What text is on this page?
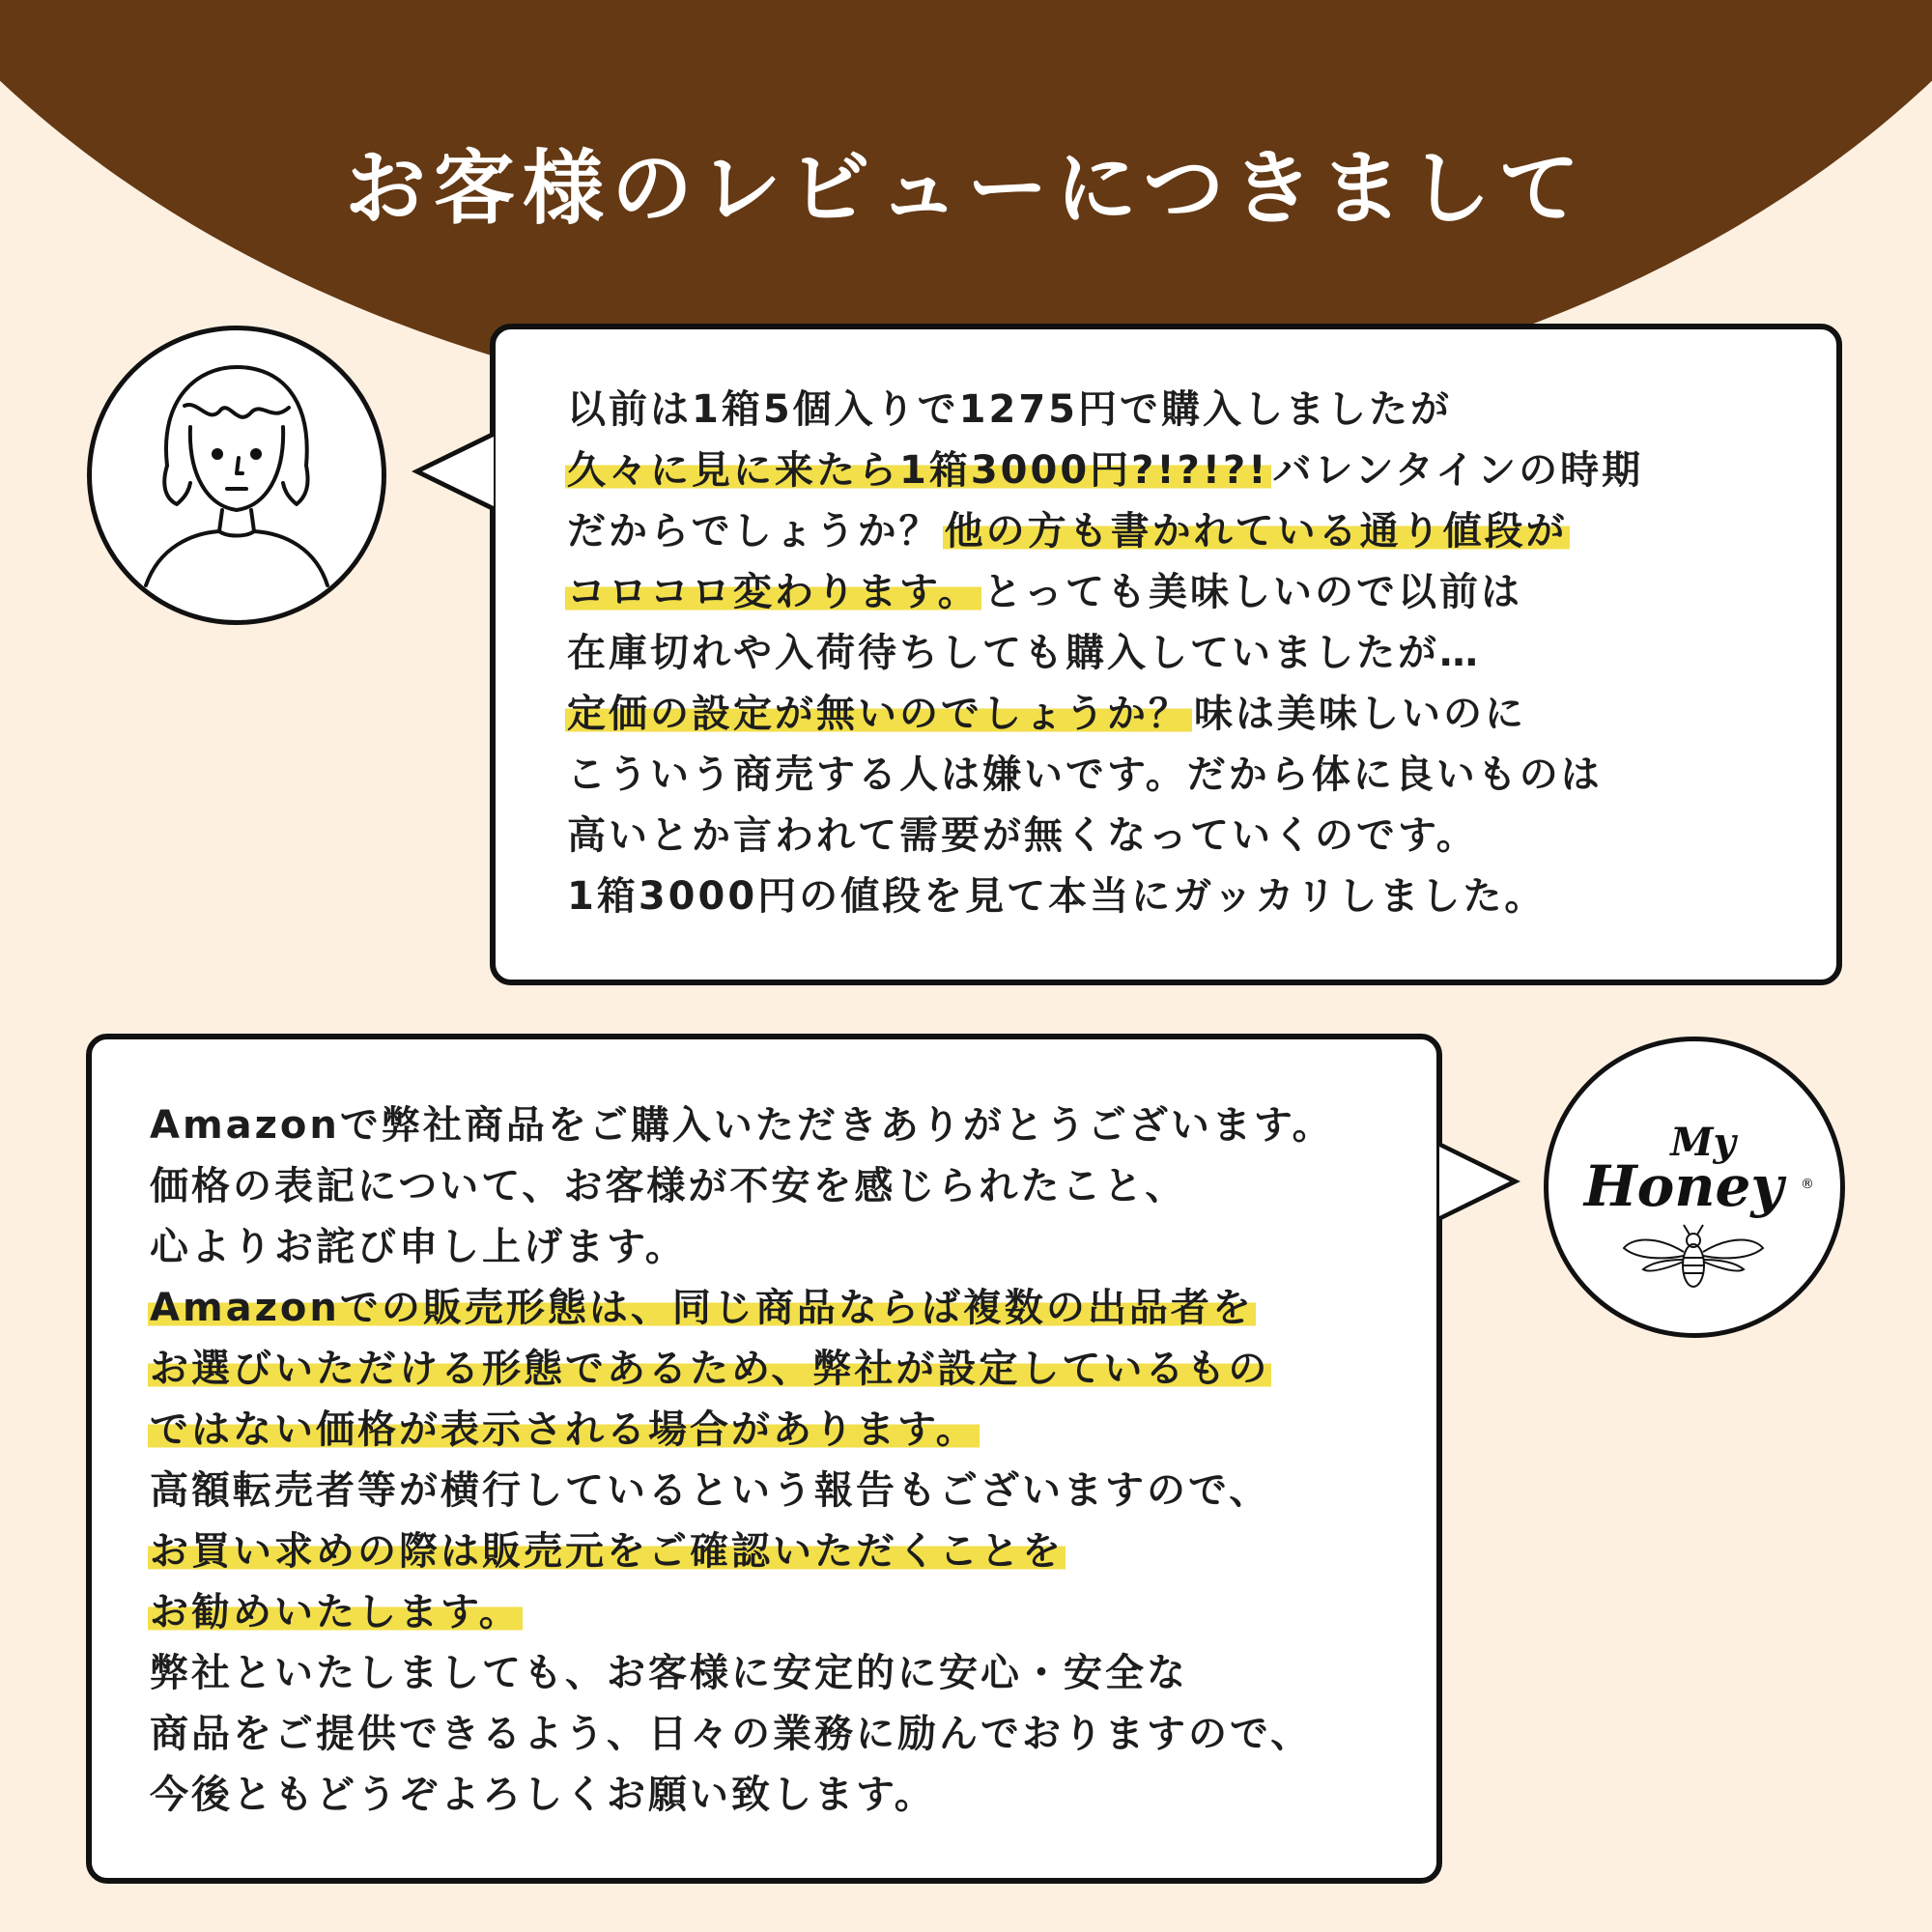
お客様のレビューにつきまして
以前は1箱5個入りで1275円で購入しましたが
久々に見に来たら1箱3000円?!?!?! バレンタインの時期
だからでしょうか？ 他の方も書かれている通り値段が
コロコロ変わります。 とっても美味しいので以前は
在庫切れや入荷待ちしても購入していましたが…
定価の設定が無いのでしょうか？ 味は美味しいのに
こういう商売する人は嫌いです。だから体に良いものは
高いとか言われて需要が無くなっていくのです。
1箱3000円の値段を見て本当にガッカリしました。
Amazonで弊社商品をご購入いただきありがとうございます。
価格の表記について、お客様が不安を感じられたこと、
心よりお詫び申し上げます。
Amazonでの販売形態は、同じ商品ならば複数の出品者を
お選びいただける形態であるため、弊社が設定しているもの
ではない価格が表示される場合があります。
高額転売者等が横行しているという報告もございますので、
お買い求めの際は販売元をご確認いただくことを
お勧めいたします。
弊社といたしましても、お客様に安定的に安心・安全な
商品をご提供できるよう、日々の業務に励んでおりますので、
今後ともどうぞよろしくお願い致します。
My
Honey	®
